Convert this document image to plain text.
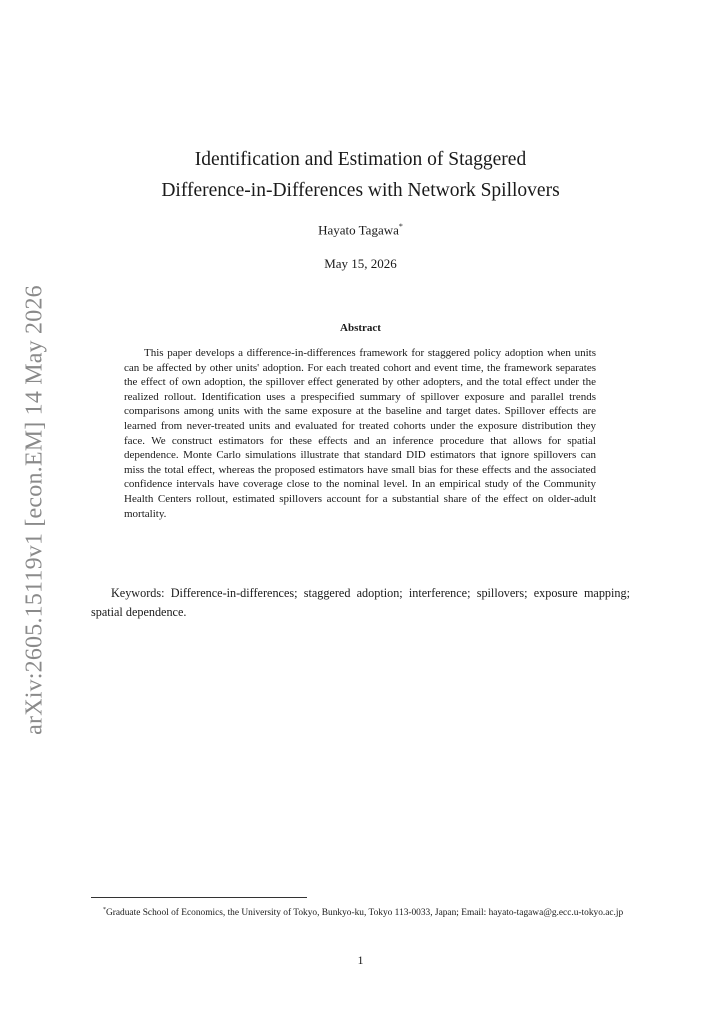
arXiv:2605.15119v1 [econ.EM] 14 May 2026
Identification and Estimation of Staggered
Difference-in-Differences with Network Spillovers
Hayato Tagawa*
May 15, 2026
Abstract

This paper develops a difference-in-differences framework for staggered policy adoption when units can be affected by other units' adoption. For each treated cohort and event time, the framework separates the effect of own adoption, the spillover effect generated by other adopters, and the total effect under the realized rollout. Identification uses a prespecified summary of spillover exposure and parallel trends comparisons among units with the same exposure at the baseline and target dates. Spillover effects are learned from never-treated units and evaluated for treated cohorts under the exposure distribution they face. We construct estimators for these effects and an inference procedure that allows for spatial dependence. Monte Carlo simulations illustrate that standard DID estimators that ignore spillovers can miss the total effect, whereas the proposed estimators have small bias for these effects and the associated confidence intervals have coverage close to the nominal level. In an empirical study of the Community Health Centers rollout, estimated spillovers account for a substantial share of the effect on older-adult mortality.

Keywords: Difference-in-differences; staggered adoption; interference; spillovers; exposure mapping; spatial dependence.

*Graduate School of Economics, the University of Tokyo, Bunkyo-ku, Tokyo 113-0033, Japan; Email: hayato-tagawa@g.ecc.u-tokyo.ac.jp

1
